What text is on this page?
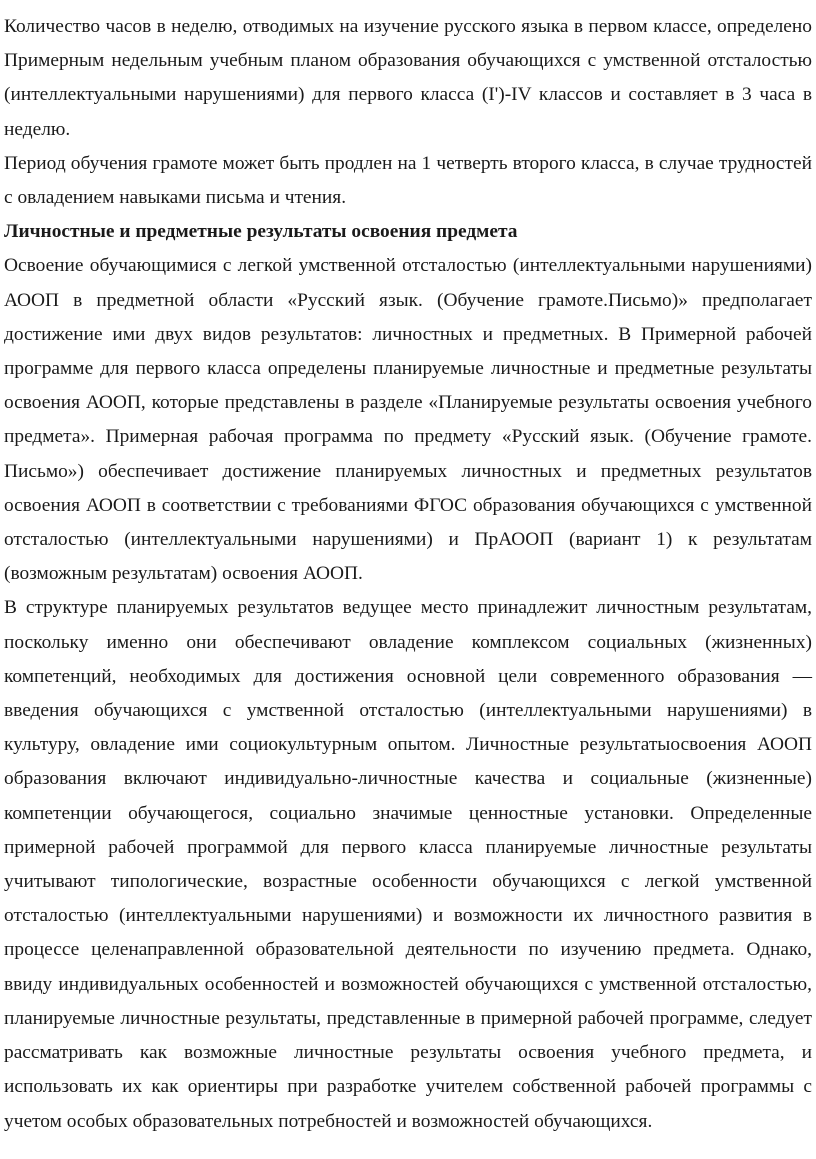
Количество часов в неделю, отводимых на изучение русского языка в первом классе, определено Примерным недельным учебным планом образования обучающихся с умственной отсталостью (интеллектуальными нарушениями) для первого класса (I')-IV классов и составляет в 3 часа в неделю.

Период обучения грамоте может быть продлен на 1 четверть второго класса, в случае трудностей с овладением навыками письма и чтения.

Личностные и предметные результаты освоения предмета

Освоение обучающимися с легкой умственной отсталостью (интеллектуальными нарушениями) АООП в предметной области «Русский язык. (Обучение грамоте.Письмо)» предполагает достижение ими двух видов результатов: личностных и предметных. В Примерной рабочей программе для первого класса определены планируемые личностные и предметные результаты освоения АООП, которые представлены в разделе «Планируемые результаты освоения учебного предмета». Примерная рабочая программа по предмету «Русский язык. (Обучение грамоте. Письмо») обеспечивает достижение планируемых личностных и предметных результатов освоения АООП в соответствии с требованиями ФГОС образования обучающихся с умственной отсталостью (интеллектуальными нарушениями) и ПрАООП (вариант 1) к результатам (возможным результатам) освоения АООП.

В структуре планируемых результатов ведущее место принадлежит личностным результатам, поскольку именно они обеспечивают овладение комплексом социальных (жизненных) компетенций, необходимых для достижения основной цели современного образования — введения обучающихся с умственной отсталостью (интеллектуальными нарушениями) в культуру, овладение ими социокультурным опытом. Личностные результатыосвоения АООП образования включают индивидуально-личностные качества и социальные (жизненные) компетенции обучающегося, социально значимые ценностные установки. Определенные примерной рабочей программой для первого класса планируемые личностные результаты учитывают типологические, возрастные особенности обучающихся с легкой умственной отсталостью (интеллектуальными нарушениями) и возможности их личностного развития в процессе целенаправленной образовательной деятельности по изучению предмета. Однако, ввиду индивидуальных особенностей и возможностей обучающихся с умственной отсталостью, планируемые личностные результаты, представленные в примерной рабочей программе, следует рассматривать как возможные личностные результаты освоения учебного предмета, и использовать их как ориентиры при разработке учителем собственной рабочей программы с учетом особых образовательных потребностей и возможностей обучающихся.
